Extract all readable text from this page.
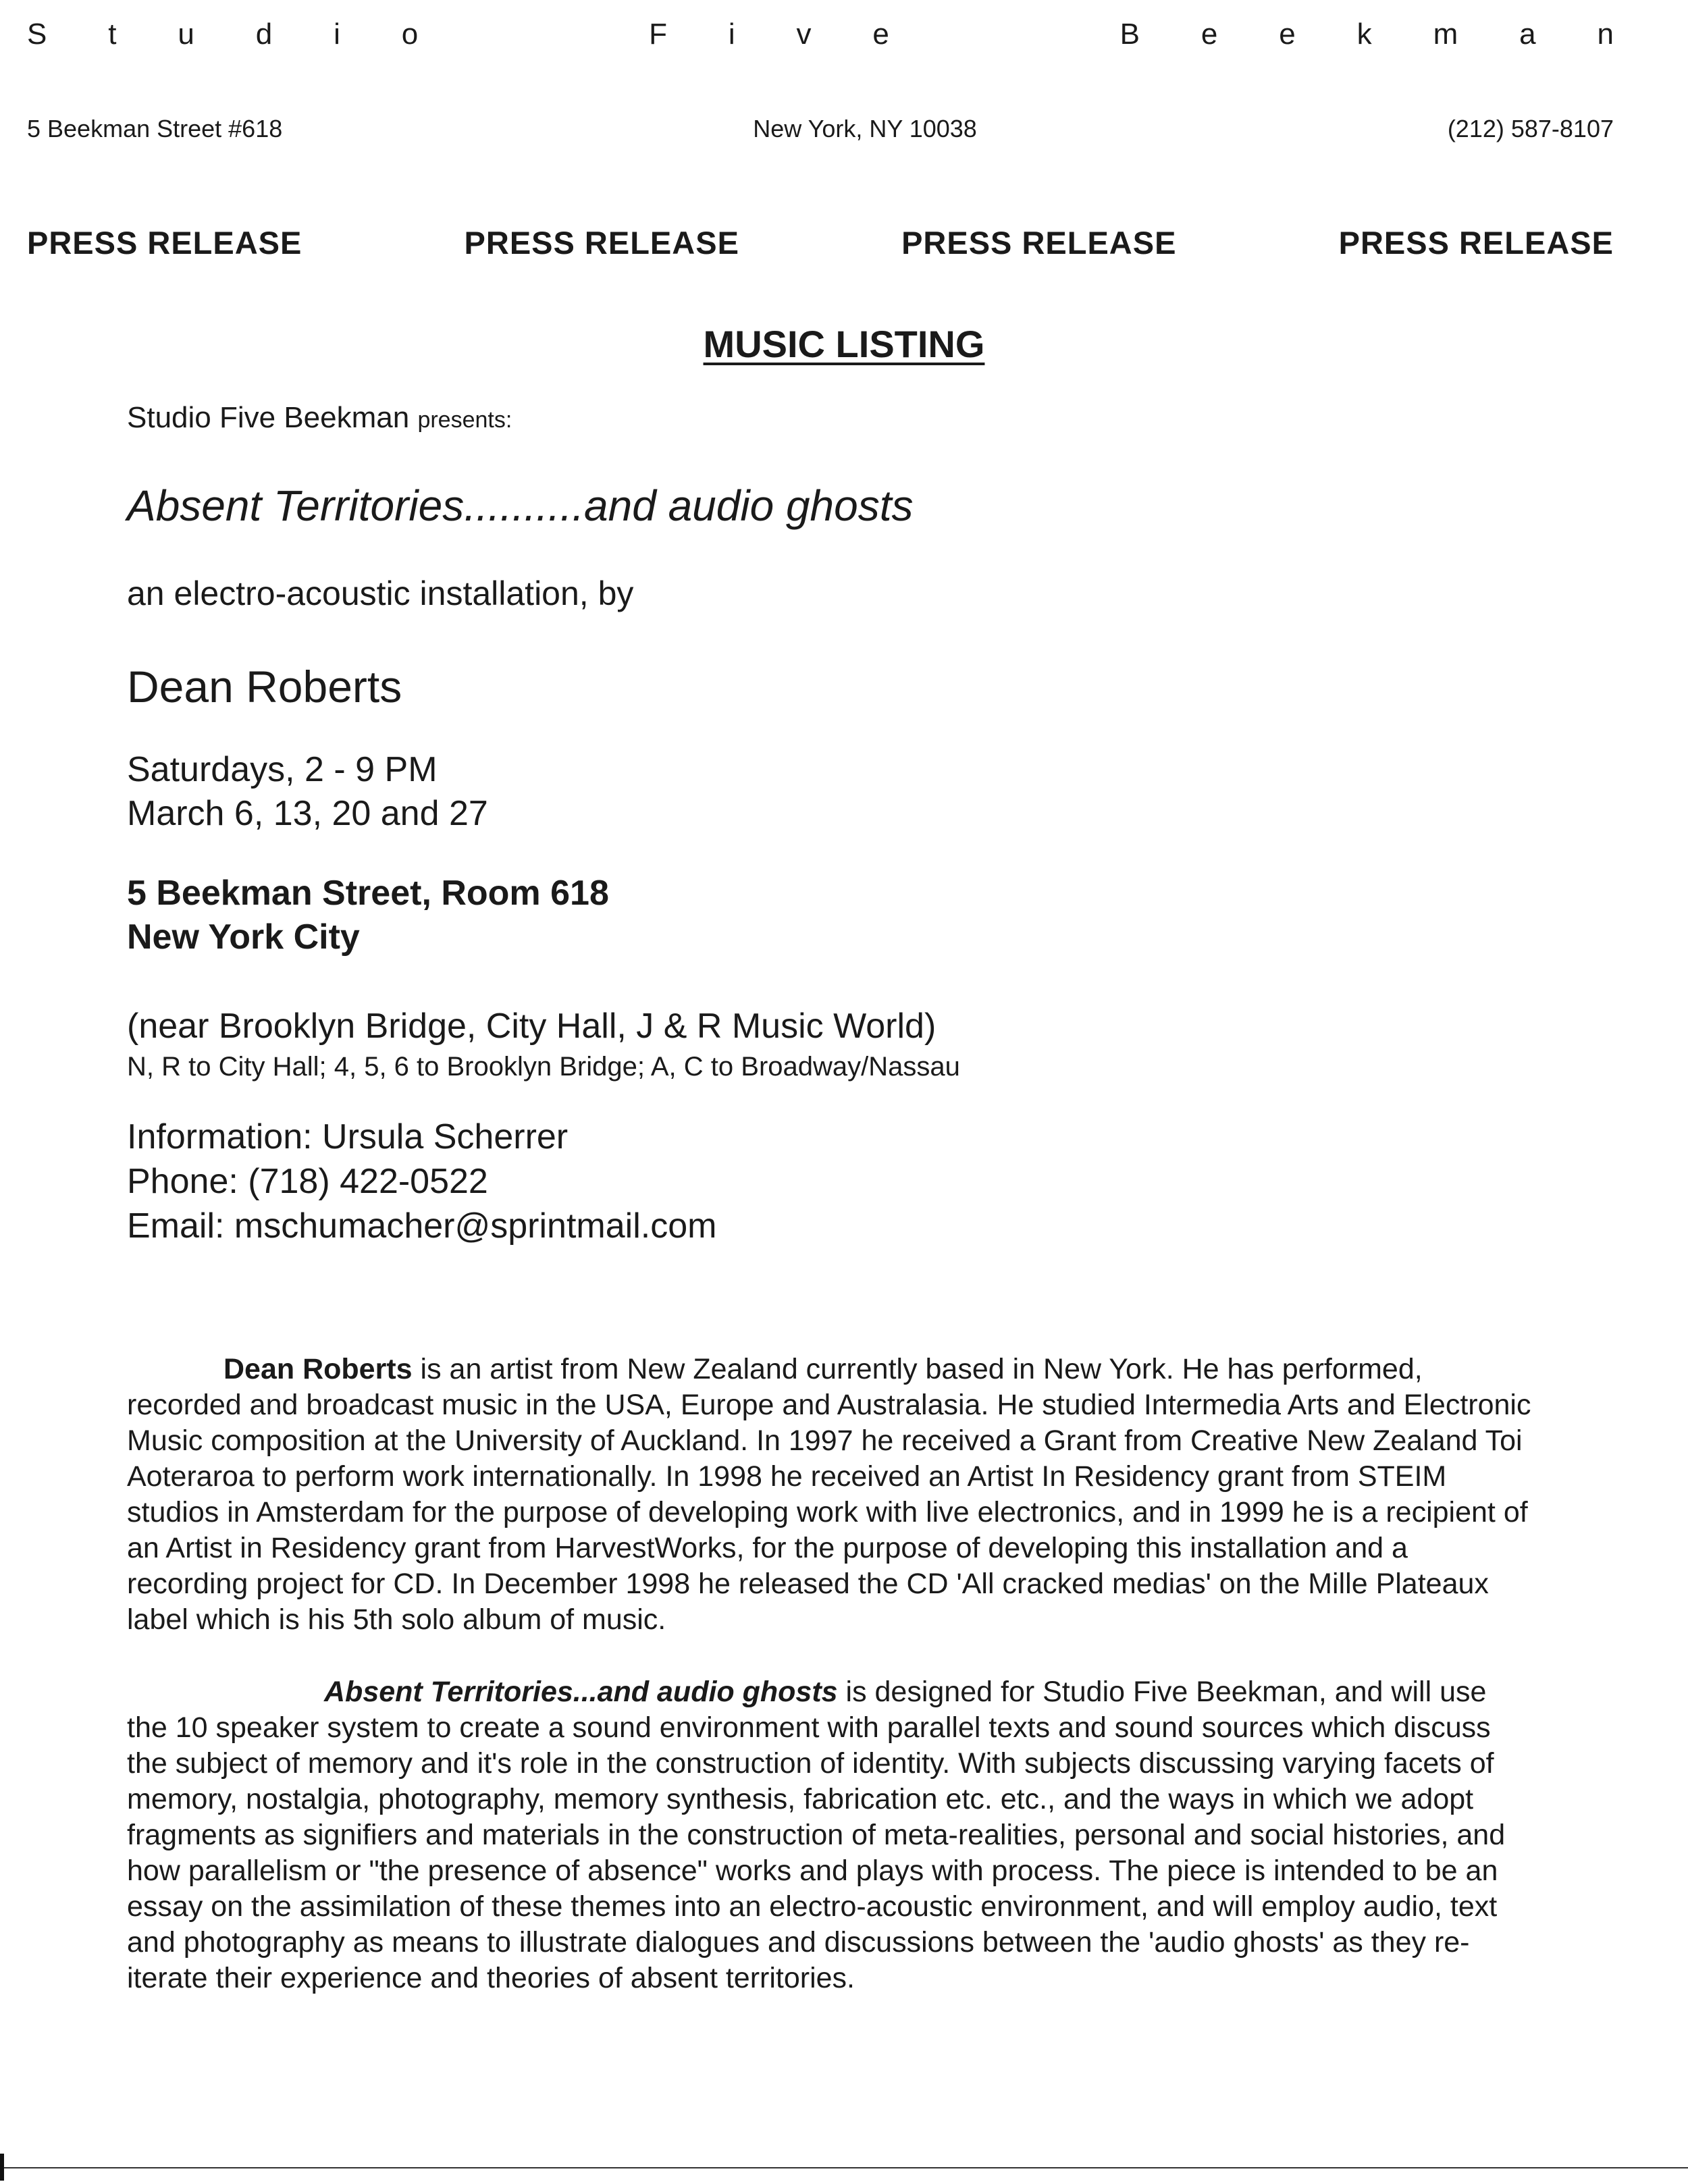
S t u d i o	F i v e	B e e k m a n
5 Beekman Street #618	New York, NY 10038	(212) 587-8107
PRESS RELEASE	PRESS RELEASE	PRESS RELEASE	PRESS RELEASE
MUSIC LISTING
Studio Five Beekman presents:
Absent Territories..........and audio ghosts
an electro-acoustic installation, by
Dean Roberts
Saturdays, 2 - 9 PM
March 6, 13, 20 and 27
5 Beekman Street, Room 618
New York City
(near Brooklyn Bridge, City Hall, J & R Music World)
N, R to City Hall; 4, 5, 6 to Brooklyn Bridge; A, C to Broadway/Nassau
Information: Ursula Scherrer
Phone: (718) 422-0522
Email: mschumacher@sprintmail.com
Dean Roberts is an artist from New Zealand currently based in New York. He has performed, recorded and broadcast music in the USA, Europe and Australasia. He studied Intermedia Arts and Electronic Music composition at the University of Auckland. In 1997 he received a Grant from Creative New Zealand Toi Aoteraroa to perform work internationally. In 1998 he received an Artist In Residency grant from STEIM studios in Amsterdam for the purpose of developing work with live electronics, and in 1999 he is a recipient of an Artist in Residency grant from HarvestWorks, for the purpose of developing this installation and a recording project for CD. In December 1998 he released the CD 'All cracked medias' on the Mille Plateaux label which is his 5th solo album of music.
Absent Territories...and audio ghosts is designed for Studio Five Beekman, and will use the 10 speaker system to create a sound environment with parallel texts and sound sources which discuss the subject of memory and it's role in the construction of identity. With subjects discussing varying facets of memory, nostalgia, photography, memory synthesis, fabrication etc. etc., and the ways in which we adopt fragments as signifiers and materials in the construction of meta-realities, personal and social histories, and how parallelism or "the presence of absence" works and plays with process. The piece is intended to be an essay on the assimilation of these themes into an electro-acoustic environment, and will employ audio, text and photography as means to illustrate dialogues and discussions between the 'audio ghosts' as they re-iterate their experience and theories of absent territories.
